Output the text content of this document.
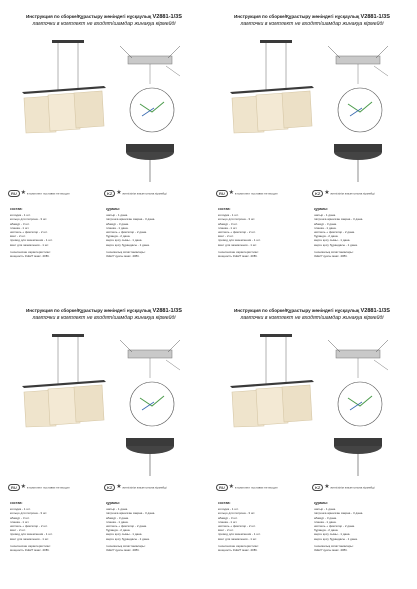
Инструкция по сборке/Құрастыру жөніндегі нұсқаулық V2881-1/3S
лампочки в комплект не входят/шамдар жинаққа кірмейді
RU ★ в комплект поставки не входит	KZ ★ жеткізілім жиынтығына кірмейді
состав:
колодка - 1 шт.
кольцо для патрона - 3 шт.
абажур - 3 шт.
планка - 1 шт.
ниппель + фиксатор - 2 шт.
винт - 2 шт.
провод для заземления - 1 шт.
винт для заземления - 1 шт.
технические характеристики:
мощность 3xE27 макс. 40Вт.
құрамы:
шатыр - 1 дана.
патронға арналған сақина - 3 дана.
абажур - 3 дана.
планка - 1 дана.
ниппель + фиксатор - 2 дана.
бұранда - 2 дана.
жерге қосу сымы - 1 дана.
жерге қосу бұрандасы - 1 дана.
техникалық сипаттамалары:
3xE27 қуаты макс. 40Вт.
Инструкция по сборке/Құрастыру жөніндегі нұсқаулық V2881-1/3S
лампочки в комплект не входят/шамдар жинаққа кірмейді
RU ★ в комплект поставки не входит	KZ ★ жеткізілім жиынтығына кірмейді
состав:
колодка - 1 шт.
кольцо для патрона - 3 шт.
абажур - 3 шт.
планка - 1 шт.
ниппель + фиксатор - 2 шт.
винт - 2 шт.
провод для заземления - 1 шт.
винт для заземления - 1 шт.
технические характеристики:
мощность 3xE27 макс. 40Вт.
құрамы:
шатыр - 1 дана.
патронға арналған сақина - 3 дана.
абажур - 3 дана.
планка - 1 дана.
ниппель + фиксатор - 2 дана.
бұранда - 2 дана.
жерге қосу сымы - 1 дана.
жерге қосу бұрандасы - 1 дана.
техникалық сипаттамалары:
3xE27 қуаты макс. 40Вт.
Инструкция по сборке/Құрастыру жөніндегі нұсқаулық V2881-1/3S
лампочки в комплект не входят/шамдар жинаққа кірмейді
RU ★ в комплект поставки не входит	KZ ★ жеткізілім жиынтығына кірмейді
состав:
колодка - 1 шт.
кольцо для патрона - 3 шт.
абажур - 3 шт.
планка - 1 шт.
ниппель + фиксатор - 2 шт.
винт - 2 шт.
провод для заземления - 1 шт.
винт для заземления - 1 шт.
технические характеристики:
мощность 3xE27 макс. 40Вт.
құрамы:
шатыр - 1 дана.
патронға арналған сақина - 3 дана.
абажур - 3 дана.
планка - 1 дана.
ниппель + фиксатор - 2 дана.
бұранда - 2 дана.
жерге қосу сымы - 1 дана.
жерге қосу бұрандасы - 1 дана.
техникалық сипаттамалары:
3xE27 қуаты макс. 40Вт.
Инструкция по сборке/Құрастыру жөніндегі нұсқаулық V2881-1/3S
лампочки в комплект не входят/шамдар жинаққа кірмейді
RU ★ в комплект поставки не входит	KZ ★ жеткізілім жиынтығына кірмейді
состав:
колодка - 1 шт.
кольцо для патрона - 3 шт.
абажур - 3 шт.
планка - 1 шт.
ниппель + фиксатор - 2 шт.
винт - 2 шт.
провод для заземления - 1 шт.
винт для заземления - 1 шт.
технические характеристики:
мощность 3xE27 макс. 40Вт.
құрамы:
шатыр - 1 дана.
патронға арналған сақина - 3 дана.
абажур - 3 дана.
планка - 1 дана.
ниппель + фиксатор - 2 дана.
бұранда - 2 дана.
жерге қосу сымы - 1 дана.
жерге қосу бұрандасы - 1 дана.
техникалық сипаттамалары:
3xE27 қуаты макс. 40Вт.
